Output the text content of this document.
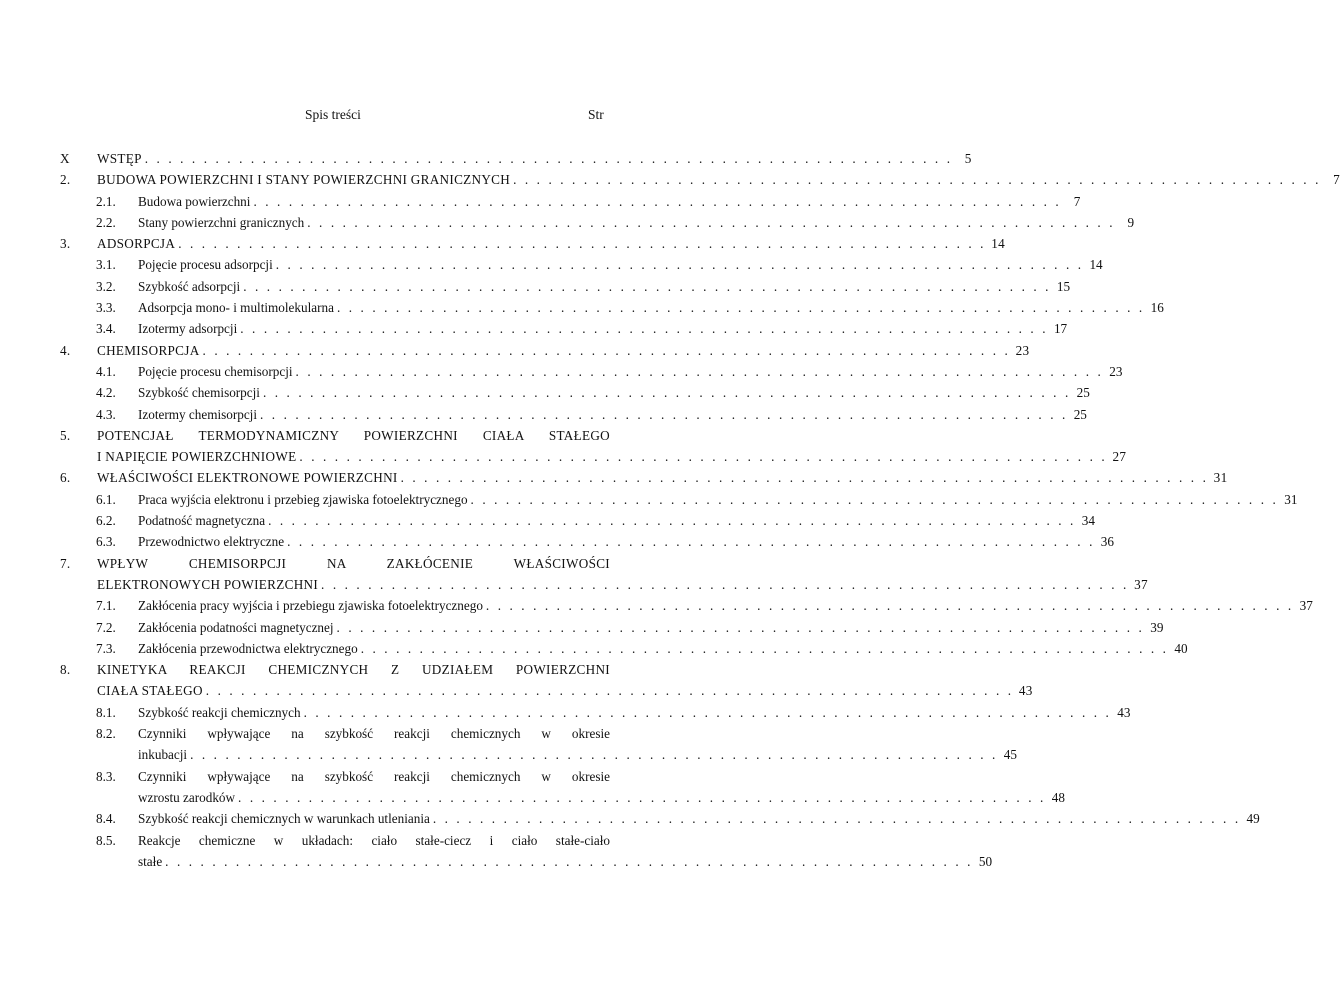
Spis treści	Str
X WSTĘP . . . . . . . . . . . . . . . . . . . . . . . . . . . . . . . . . . . . . . . . . . . . . . . . . . . . . . . . . . . . . . . . . . . . . 5
2. BUDOWA POWIERZCHNI I STANY POWIERZCHNI GRANICZNYCH . . . . . . . . . . . . . . . . . . . . . . . . . . . . . . . . . . . . . . . . . . . . . . . . . . . . . . . . . . . . . . . . . . . . . 7
2.1. Budowa powierzchni . . . . . . . . . . . . . . . . . . . . . . . . . . . . . . . . . . . . . . . . . . . . . . . . . . . . . . . . . . . . . . . . . . . . . 7
2.2. Stany powierzchni granicznych . . . . . . . . . . . . . . . . . . . . . . . . . . . . . . . . . . . . . . . . . . . . . . . . . . . . . . . . . . . . . . . . . . . . . 9
3. ADSORPCJA . . . . . . . . . . . . . . . . . . . . . . . . . . . . . . . . . . . . . . . . . . . . . . . . . . . . . . . . . . . . . . . . . . . . . 14
3.1. Pojęcie procesu adsorpcji . . . . . . . . . . . . . . . . . . . . . . . . . . . . . . . . . . . . . . . . . . . . . . . . . . . . . . . . . . . . . . . . . . . . . 14
3.2. Szybkość adsorpcji . . . . . . . . . . . . . . . . . . . . . . . . . . . . . . . . . . . . . . . . . . . . . . . . . . . . . . . . . . . . . . . . . . . . . 15
3.3. Adsorpcja mono- i multimolekularna . . . . . . . . . . . . . . . . . . . . . . . . . . . . . . . . . . . . . . . . . . . . . . . . . . . . . . . . . . . . . . . . . . . . . 16
3.4. Izotermy adsorpcji . . . . . . . . . . . . . . . . . . . . . . . . . . . . . . . . . . . . . . . . . . . . . . . . . . . . . . . . . . . . . . . . . . . . . 17
4. CHEMISORPCJA . . . . . . . . . . . . . . . . . . . . . . . . . . . . . . . . . . . . . . . . . . . . . . . . . . . . . . . . . . . . . . . . . . . . . 23
4.1. Pojęcie procesu chemisorpcji . . . . . . . . . . . . . . . . . . . . . . . . . . . . . . . . . . . . . . . . . . . . . . . . . . . . . . . . . . . . . . . . . . . . . 23
4.2. Szybkość chemisorpcji . . . . . . . . . . . . . . . . . . . . . . . . . . . . . . . . . . . . . . . . . . . . . . . . . . . . . . . . . . . . . . . . . . . . . 25
4.3. Izotermy chemisorpcji . . . . . . . . . . . . . . . . . . . . . . . . . . . . . . . . . . . . . . . . . . . . . . . . . . . . . . . . . . . . . . . . . . . . . 25
5. POTENCJAŁ TERMODYNAMICZNY POWIERZCHNI CIAŁA STAŁEGO
I NAPIĘCIE POWIERZCHNIOWE . . . . . . . . . . . . . . . . . . . . . . . . . . . . . . . . . . . . . . . . . . . . . . . . . . . . . . . . . . . . . . . . . . . . . 27
6. WŁAŚCIWOŚCI ELEKTRONOWE POWIERZCHNI . . . . . . . . . . . . . . . . . . . . . . . . . . . . . . . . . . . . . . . . . . . . . . . . . . . . . . . . . . . . . . . . . . . . . 31
6.1. Praca wyjścia elektronu i przebieg zjawiska fotoelektrycznego . . . . . . . . . . . . . . . . . . . . . . . . . . . . . . . . . . . . . . . . . . . . . . . . . . . . . . . . . . . . . . . . . . . . . 31
6.2. Podatność magnetyczna . . . . . . . . . . . . . . . . . . . . . . . . . . . . . . . . . . . . . . . . . . . . . . . . . . . . . . . . . . . . . . . . . . . . . 34
6.3. Przewodnictwo elektryczne . . . . . . . . . . . . . . . . . . . . . . . . . . . . . . . . . . . . . . . . . . . . . . . . . . . . . . . . . . . . . . . . . . . . . 36
7. WPŁYW CHEMISORPCJI NA ZAKŁÓCENIE WŁAŚCIWOŚCI
ELEKTRONOWYCH POWIERZCHNI . . . . . . . . . . . . . . . . . . . . . . . . . . . . . . . . . . . . . . . . . . . . . . . . . . . . . . . . . . . . . . . . . . . . . 37
7.1. Zakłócenia pracy wyjścia i przebiegu zjawiska fotoelektrycznego . . . . . . . . . . . . . . . . . . . . . . . . . . . . . . . . . . . . . . . . . . . . . . . . . . . . . . . . . . . . . . . . . . . . . 37
7.2. Zakłócenia podatności magnetycznej . . . . . . . . . . . . . . . . . . . . . . . . . . . . . . . . . . . . . . . . . . . . . . . . . . . . . . . . . . . . . . . . . . . . . 39
7.3. Zakłócenia przewodnictwa elektrycznego . . . . . . . . . . . . . . . . . . . . . . . . . . . . . . . . . . . . . . . . . . . . . . . . . . . . . . . . . . . . . . . . . . . . . 40
8. KINETYKA REAKCJI CHEMICZNYCH Z UDZIAŁEM POWIERZCHNI
CIAŁA STAŁEGO . . . . . . . . . . . . . . . . . . . . . . . . . . . . . . . . . . . . . . . . . . . . . . . . . . . . . . . . . . . . . . . . . . . . . 43
8.1. Szybkość reakcji chemicznych . . . . . . . . . . . . . . . . . . . . . . . . . . . . . . . . . . . . . . . . . . . . . . . . . . . . . . . . . . . . . . . . . . . . . 43
8.2. Czynniki wpływające na szybkość reakcji chemicznych w okresie
inkubacji . . . . . . . . . . . . . . . . . . . . . . . . . . . . . . . . . . . . . . . . . . . . . . . . . . . . . . . . . . . . . . . . . . . . . 45
8.3. Czynniki wpływające na szybkość reakcji chemicznych w okresie
wzrostu zarodków . . . . . . . . . . . . . . . . . . . . . . . . . . . . . . . . . . . . . . . . . . . . . . . . . . . . . . . . . . . . . . . . . . . . . 48
8.4. Szybkość reakcji chemicznych w warunkach utleniania . . . . . . . . . . . . . . . . . . . . . . . . . . . . . . . . . . . . . . . . . . . . . . . . . . . . . . . . . . . . . . . . . . . . . 49
8.5. Reakcje chemiczne w układach: ciało stałe-ciecz i ciało stałe-ciało
stałe . . . . . . . . . . . . . . . . . . . . . . . . . . . . . . . . . . . . . . . . . . . . . . . . . . . . . . . . . . . . . . . . . . . . . 50
